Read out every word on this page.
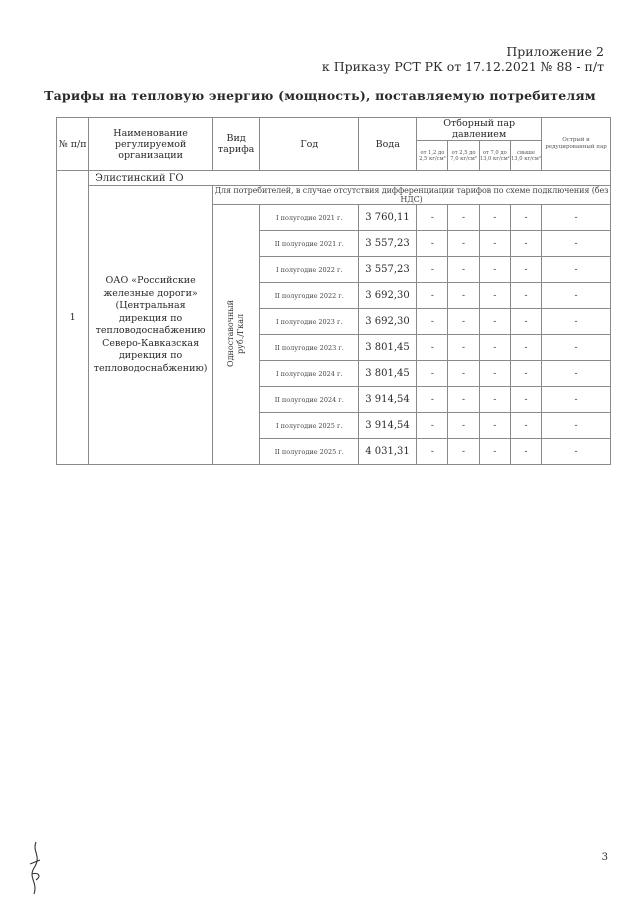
Приложение 2
к Приказу РСТ РК от 17.12.2021 № 88 - п/т
Тарифы на тепловую энергию (мощность), поставляемую потребителям
№ п/п	Наименование регулируемой организации	Вид тарифа	Год	Вода	Отборный пар давлением				Острый и редуцированный пар
					от 1,2 до 2,5 кг/см²	от 2,5 до 7,0 кг/см²	от 7,0 до 13,0 кг/см²	свыше 13,0 кг/см²	
1	Элистинский ГО								
	ОАО «Российские железные дороги» (Центральная дирекция по тепловодоснабжению Северо-Кавказская дирекция по тепловодоснабжению)								
		Для потребителей, в случае отсутствия дифференциации тарифов по схеме подключения (без НДС)							
		Одноставочный
руб./Гкал	I полугодие 2021 г.	3 760,11	-	-	-	-	-
			II полугодие 2021 г.	3 557,23	-	-	-	-	-
			I полугодие 2022 г.	3 557,23	-	-	-	-	-
			II полугодие 2022 г.	3 692,30	-	-	-	-	-
			I полугодие 2023 г.	3 692,30	-	-	-	-	-
			II полугодие 2023 г.	3 801,45	-	-	-	-	-
			I полугодие 2024 г.	3 801,45	-	-	-	-	-
			II полугодие 2024 г.	3 914,54	-	-	-	-	-
			I полугодие 2025 г.	3 914,54	-	-	-	-	-
			II полугодие 2025 г.	4 031,31	-	-	-	-	-
3
